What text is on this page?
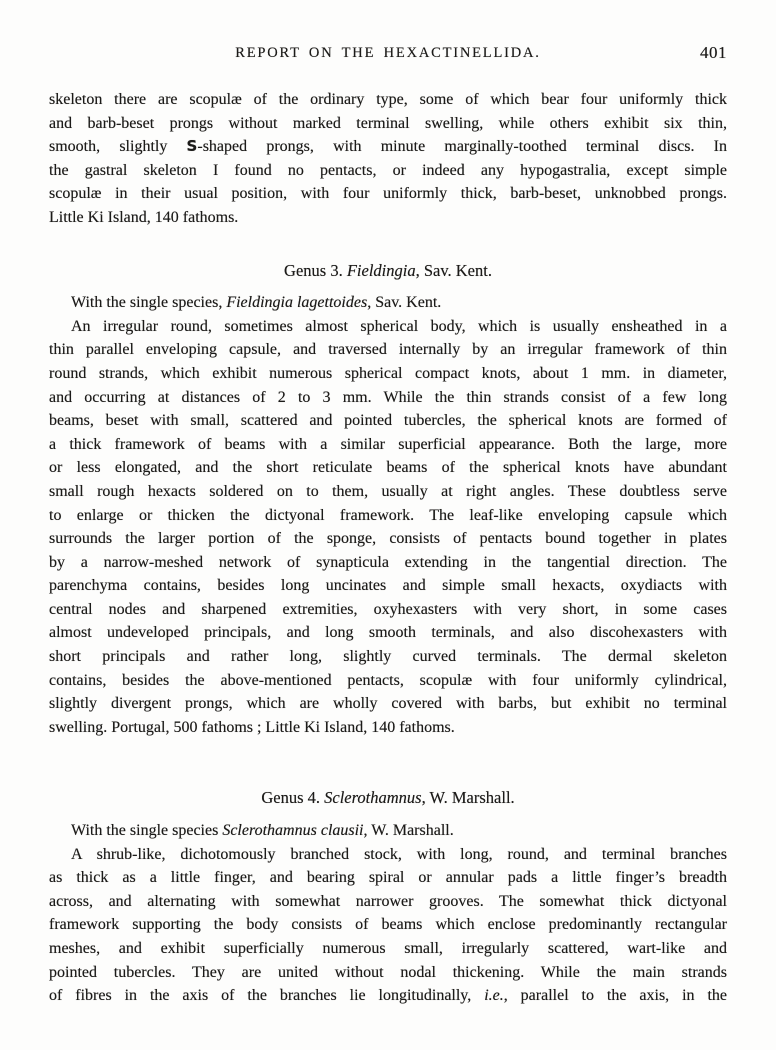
REPORT ON THE HEXACTINELLIDA.	401
skeleton there are scopulæ of the ordinary type, some of which bear four uniformly thick
and barb-beset prongs without marked terminal swelling, while others exhibit six thin,
smooth, slightly S-shaped prongs, with minute marginally-toothed terminal discs. In
the gastral skeleton I found no pentacts, or indeed any hypogastralia, except simple
scopulæ in their usual position, with four uniformly thick, barb-beset, unknobbed prongs.
Little Ki Island, 140 fathoms.
Genus 3. Fieldingia, Sav. Kent.
With the single species, Fieldingia lagettoides, Sav. Kent.
An irregular round, sometimes almost spherical body, which is usually ensheathed in a
thin parallel enveloping capsule, and traversed internally by an irregular framework of thin
round strands, which exhibit numerous spherical compact knots, about 1 mm. in diameter,
and occurring at distances of 2 to 3 mm. While the thin strands consist of a few long
beams, beset with small, scattered and pointed tubercles, the spherical knots are formed of
a thick framework of beams with a similar superficial appearance. Both the large, more
or less elongated, and the short reticulate beams of the spherical knots have abundant
small rough hexacts soldered on to them, usually at right angles. These doubtless serve
to enlarge or thicken the dictyonal framework. The leaf-like enveloping capsule which
surrounds the larger portion of the sponge, consists of pentacts bound together in plates
by a narrow-meshed network of synapticula extending in the tangential direction. The
parenchyma contains, besides long uncinates and simple small hexacts, oxydiacts with
central nodes and sharpened extremities, oxyhexasters with very short, in some cases
almost undeveloped principals, and long smooth terminals, and also discohexasters with
short principals and rather long, slightly curved terminals. The dermal skeleton
contains, besides the above-mentioned pentacts, scopulæ with four uniformly cylindrical,
slightly divergent prongs, which are wholly covered with barbs, but exhibit no terminal
swelling. Portugal, 500 fathoms ; Little Ki Island, 140 fathoms.
Genus 4. Sclerothamnus, W. Marshall.
With the single species Sclerothamnus clausii, W. Marshall.
A shrub-like, dichotomously branched stock, with long, round, and terminal branches
as thick as a little finger, and bearing spiral or annular pads a little finger’s breadth
across, and alternating with somewhat narrower grooves. The somewhat thick dictyonal
framework supporting the body consists of beams which enclose predominantly rectangular
meshes, and exhibit superficially numerous small, irregularly scattered, wart-like and
pointed tubercles. They are united without nodal thickening. While the main strands
of fibres in the axis of the branches lie longitudinally, i.e., parallel to the axis, in the
